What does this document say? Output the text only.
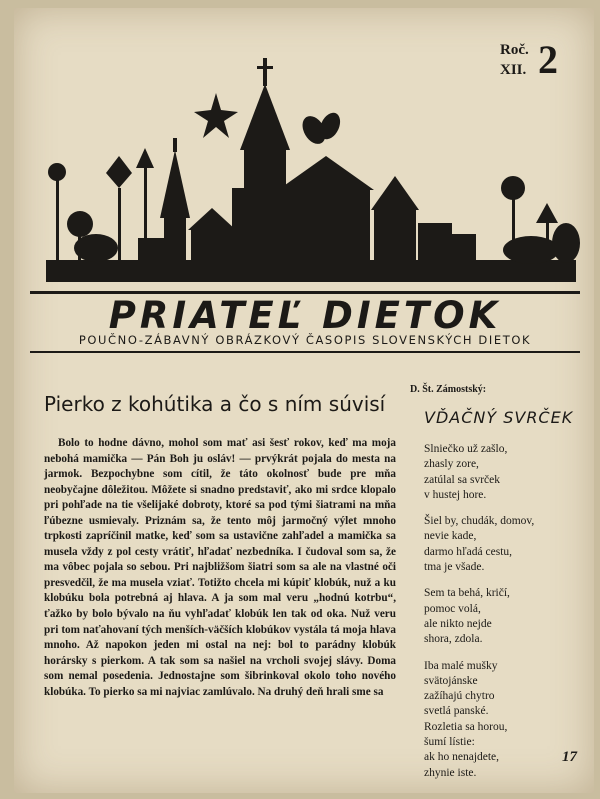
Roč.
XII. 2
PRIATEĽ DIETOK
POUČNO-ZÁBAVNÝ OBRÁZKOVÝ ČASOPIS SLOVENSKÝCH DIETOK
Pierko z kohútika a čo s ním súvisí

Bolo to hodne dávno, mohol som mať asi šesť rokov, keď ma moja nebohá mamička — Pán Boh ju osláv! — prvýkrát pojala do mesta na jarmok. Bezpochybne som cítil, že táto okolnosť bude pre mňa neobyčajne dôležitou. Môžete si snadno predstaviť, ako mi srdce klopalo pri pohľade na tie všelijaké dobroty, ktoré sa pod tými šiatrami na mňa ľúbezne usmievaly. Priznám sa, že tento môj jarmočný výlet mnoho trpkosti zapríčinil matke, keď som sa ustavične zahľadel a mamička sa musela vždy z pol cesty vrátiť, hľadať nezbedníka. I čudoval som sa, že ma vôbec pojala so sebou. Pri najbližšom šiatri som sa ale na vlastné oči presvedčil, že ma musela vziať. Totižto chcela mi kúpiť klobúk, nuž a ku klobúku bola potrebná aj hlava. A ja som mal veru „hodnú kotrbu“, ťažko by bolo bývalo na ňu vyhľadať klobúk len tak od oka. Nuž veru pri tom naťahovaní tých menších-väčších klobúkov vystála tá moja hlava mnoho. Až napokon jeden mi ostal na nej: bol to parádny klobúk horársky s pierkom. A tak som sa našiel na vrcholi svojej slávy. Doma som nemal posedenia. Jednostajne som šibrinkoval okolo toho nového klobúka. To pierko sa mi najviac zamlúvalo. Na druhý deň hrali sme sa

D. Št. Zámostský:
VĎAČNÝ SVRČEK
Slniečko už zašlo,
zhasly zore,
zatúlal sa svrček
v hustej hore.
Šiel by, chudák, domov,
nevie kade,
darmo hľadá cestu,
tma je všade.
Sem ta behá, kričí,
pomoc volá,
ale nikto nejde
shora, zdola.
Iba malé mušky
svätojánske
zažíhajú chytro
svetlá panské.
Rozletia sa horou,
šumí lístie:
ak ho nenajdete,
zhynie iste.
17
